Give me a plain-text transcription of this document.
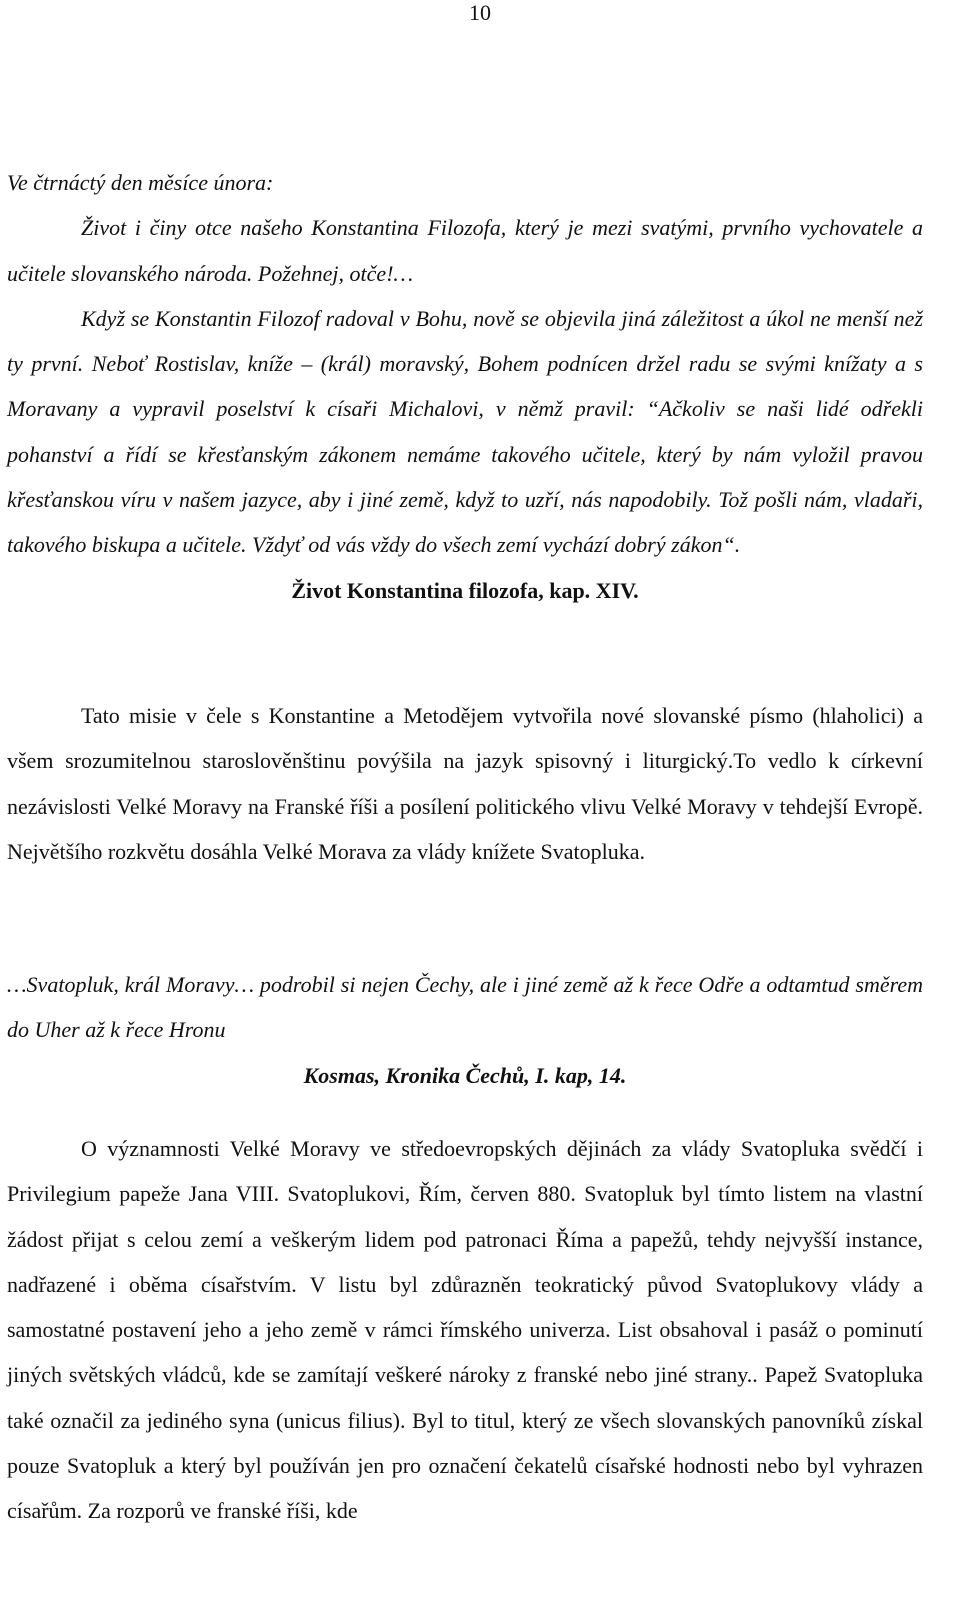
10

Ve čtrnáctý den měsíce února:

Život i činy otce našeho Konstantina Filozofa, který je mezi svatými, prvního vychovatele a učitele slovanského národa. Požehnej, otče!…

Když se Konstantin Filozof radoval v Bohu, nově se objevila jiná záležitost a úkol ne menší než ty první. Neboť Rostislav, kníže – (král) moravský, Bohem podnícen držel radu se svými knížaty a s Moravany a vypravil poselství k císaři Michalovi, v němž pravil: “Ačkoliv se naši lidé odřekli pohanství a řídí se křesťanským zákonem nemáme takového učitele, který by nám vyložil pravou křesťanskou víru v našem jazyce, aby i jiné země, když to uzří, nás napodobily. Tož pošli nám, vladaři, takového biskupa a učitele. Vždyť od vás vždy do všech zemí vychází dobrý zákon“.

Život Konstantina filozofa, kap. XIV.

Tato misie v čele s Konstantine a Metodějem vytvořila nové slovanské písmo (hlaholici) a všem srozumitelnou staroslověnštinu povýšila na jazyk spisovný i liturgický.To vedlo k církevní nezávislosti Velké Moravy na Franské říši a posílení politického vlivu Velké Moravy v tehdejší Evropě. Největšího rozkvětu dosáhla Velké Morava za vlády knížete Svatopluka.

…Svatopluk, král Moravy… podrobil si nejen Čechy, ale i jiné země až k řece Odře a odtamtud směrem do Uher až k řece Hronu

Kosmas, Kronika Čechů, I. kap, 14.

O významnosti Velké Moravy ve středoevropských dějinách za vlády Svatopluka svědčí i Privilegium papeže Jana VIII. Svatoplukovi, Řím, červen 880. Svatopluk byl tímto listem na vlastní žádost přijat s celou zemí a veškerým lidem pod patronaci Říma a papežů, tehdy nejvyšší instance, nadřazené i oběma císařstvím. V listu byl zdůrazněn teokratický původ Svatoplukovy vlády a samostatné postavení jeho a jeho země v rámci římského univerza. List obsahoval i pasáž o pominutí jiných světských vládců, kde se zamítají veškeré nároky z franské nebo jiné strany.. Papež Svatopluka také označil za jediného syna (unicus filius). Byl to titul, který ze všech slovanských panovníků získal pouze Svatopluk a který byl používán jen pro označení čekatelů císařské hodnosti nebo byl vyhrazen císařům. Za rozporů ve franské říši, kde
